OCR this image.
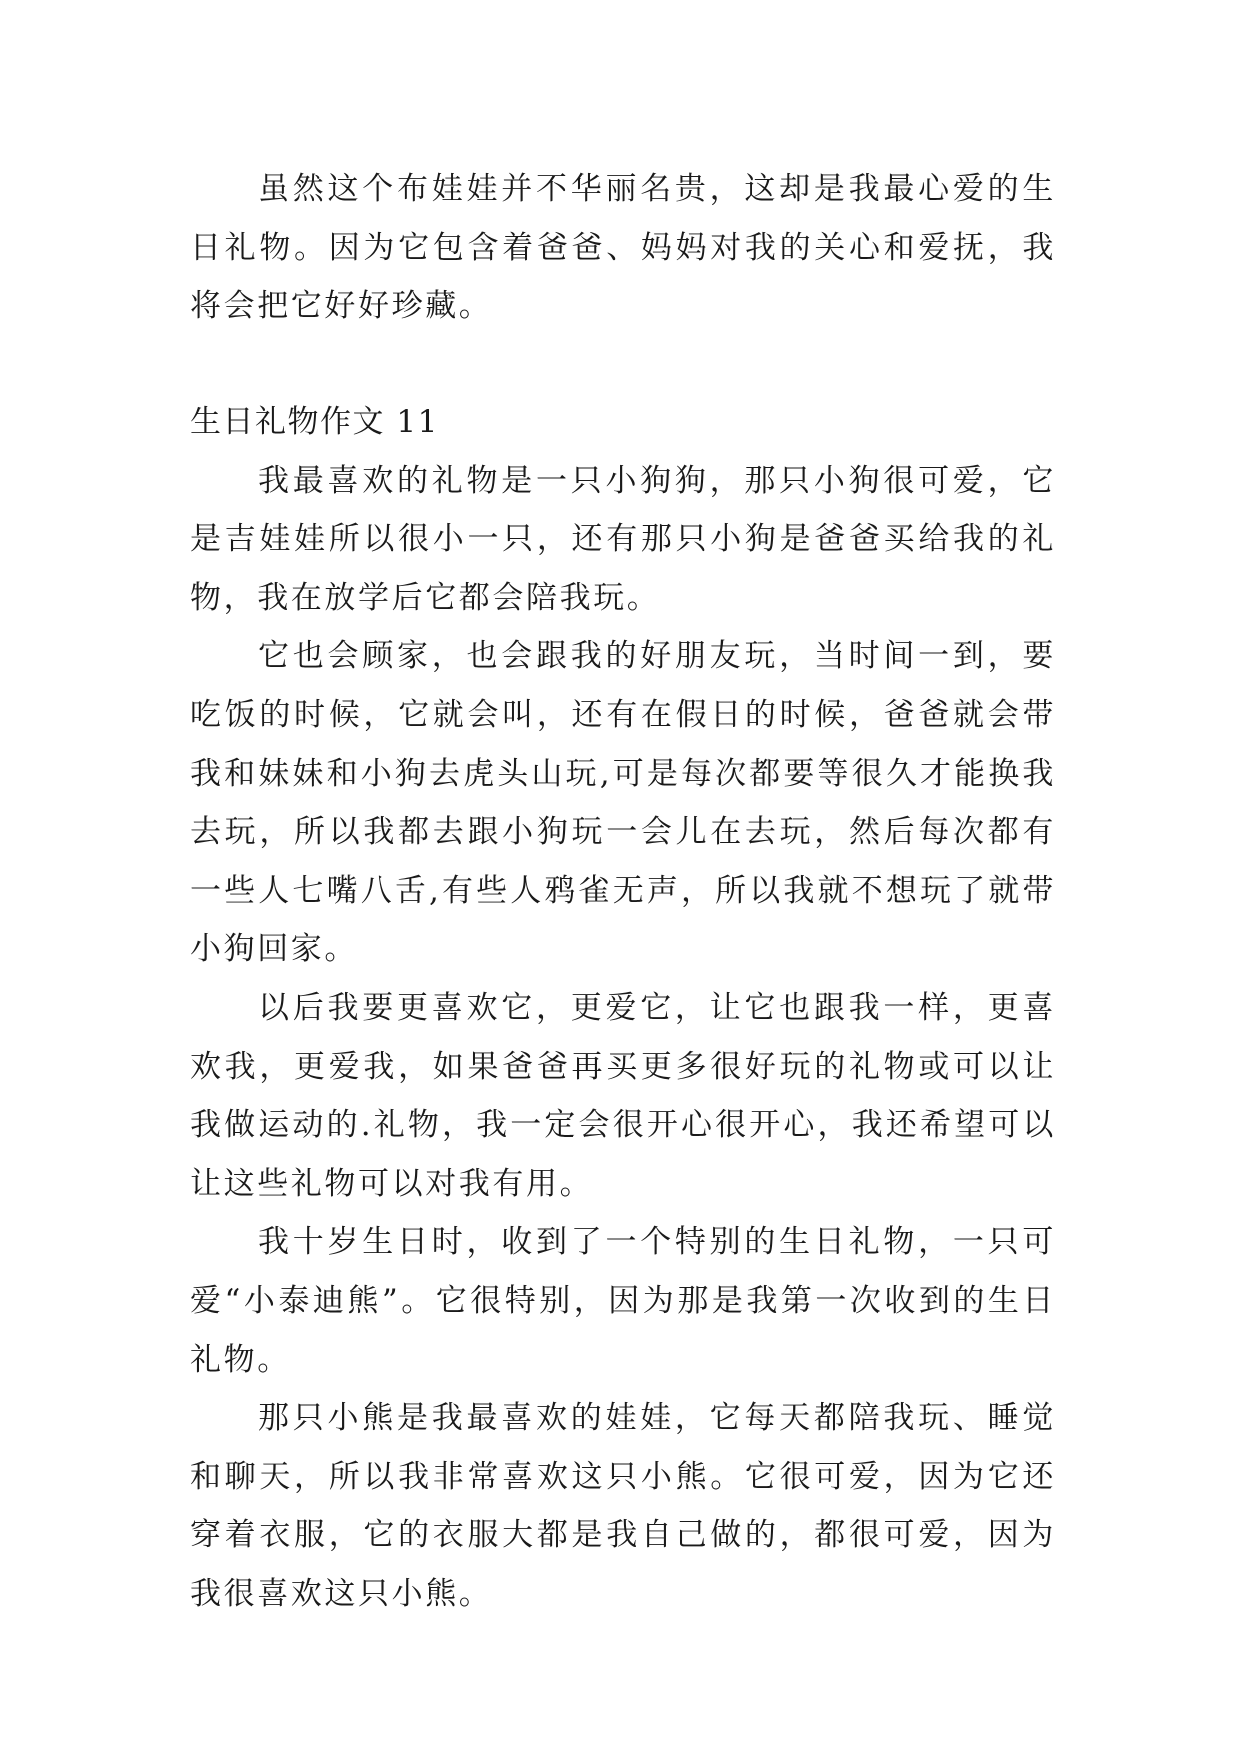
虽然这个布娃娃并不华丽名贵，这却是我最心爱的生日礼物。因为它包含着爸爸、妈妈对我的关心和爱抚，我将会把它好好珍藏。

生日礼物作文 11

我最喜欢的礼物是一只小狗狗，那只小狗很可爱，它是吉娃娃所以很小一只，还有那只小狗是爸爸买给我的礼物，我在放学后它都会陪我玩。

它也会顾家，也会跟我的好朋友玩，当时间一到，要吃饭的时候，它就会叫，还有在假日的时候，爸爸就会带我和妹妹和小狗去虎头山玩,可是每次都要等很久才能换我去玩，所以我都去跟小狗玩一会儿在去玩，然后每次都有一些人七嘴八舌,有些人鸦雀无声，所以我就不想玩了就带小狗回家。

以后我要更喜欢它，更爱它，让它也跟我一样，更喜欢我，更爱我，如果爸爸再买更多很好玩的礼物或可以让我做运动的.礼物，我一定会很开心很开心，我还希望可以让这些礼物可以对我有用。

我十岁生日时，收到了一个特别的生日礼物，一只可爱“小泰迪熊”。它很特别，因为那是我第一次收到的生日礼物。

那只小熊是我最喜欢的娃娃，它每天都陪我玩、睡觉和聊天，所以我非常喜欢这只小熊。它很可爱，因为它还穿着衣服，它的衣服大都是我自己做的，都很可爱，因为我很喜欢这只小熊。
